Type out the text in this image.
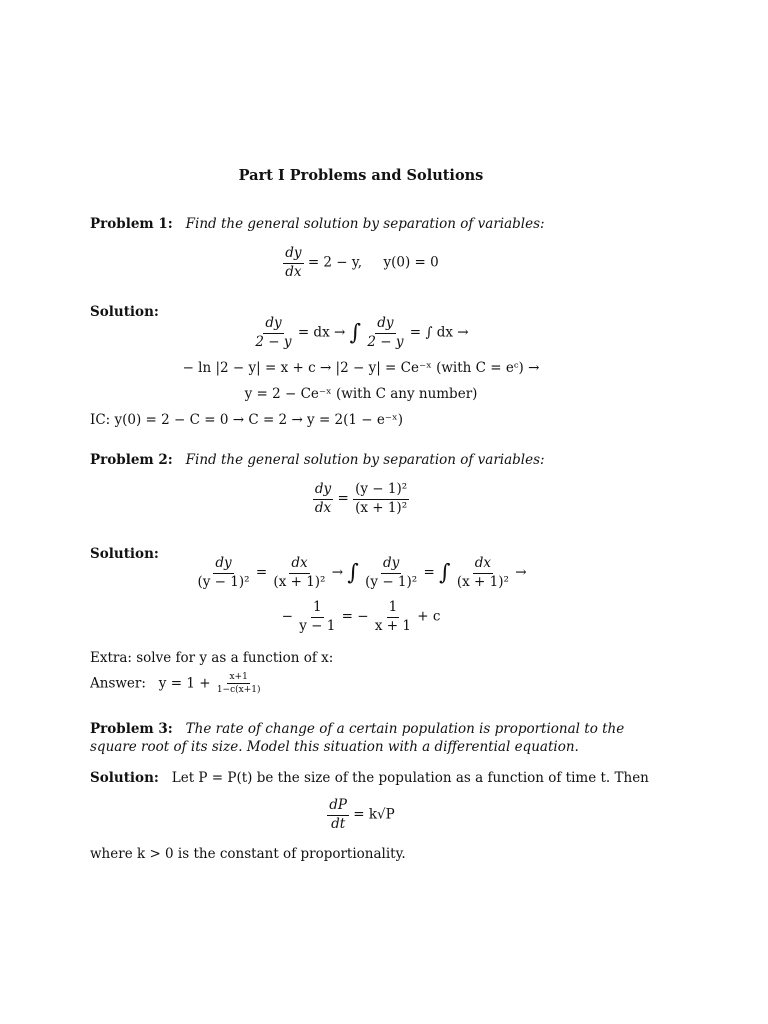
Part I Problems and Solutions
Problem 1: Find the general solution by separation of variables:
$\frac{dy}{dx} = 2 - y$, y(0) = 0
Solution:
$\frac{dy}{2 - y}$ = dx → ∫ $\frac{dy}{2 - y}$ = ∫ dx →
− ln |2 − y| = x + c → |2 − y| = Ce⁻ˣ (with C = eᶜ) →
y = 2 − Ce⁻ˣ (with C any number)
IC: y(0) = 2 − C = 0 → C = 2 → y = 2(1 − e⁻ˣ)
Problem 2: Find the general solution by separation of variables:
$\frac{dy}{dx} = \frac{\text{(y − 1)²}}{\text{(x + 1)²}}$
Solution:
$\frac{dy}{\text{(y − 1)²}} = \frac{dx}{\text{(x + 1)²}}$ → ∫ $\frac{dy}{\text{(y − 1)²}}$ = ∫ $\frac{dx}{\text{(x + 1)²}}$ →
− $\frac{1}{y - 1}$ = − $\frac{1}{x + 1} + c$
Extra: solve for y as a function of x:
Answer: $y = 1 + \frac{x+1}{1-c(x+1)}$
Problem 3: The rate of change of a certain population is proportional to the square root of its size. Model this situation with a differential equation.
Solution: Let P = P(t) be the size of the population as a function of time t. Then
$\frac{dP}{dt} = k√P$
where k > 0 is the constant of proportionality.
